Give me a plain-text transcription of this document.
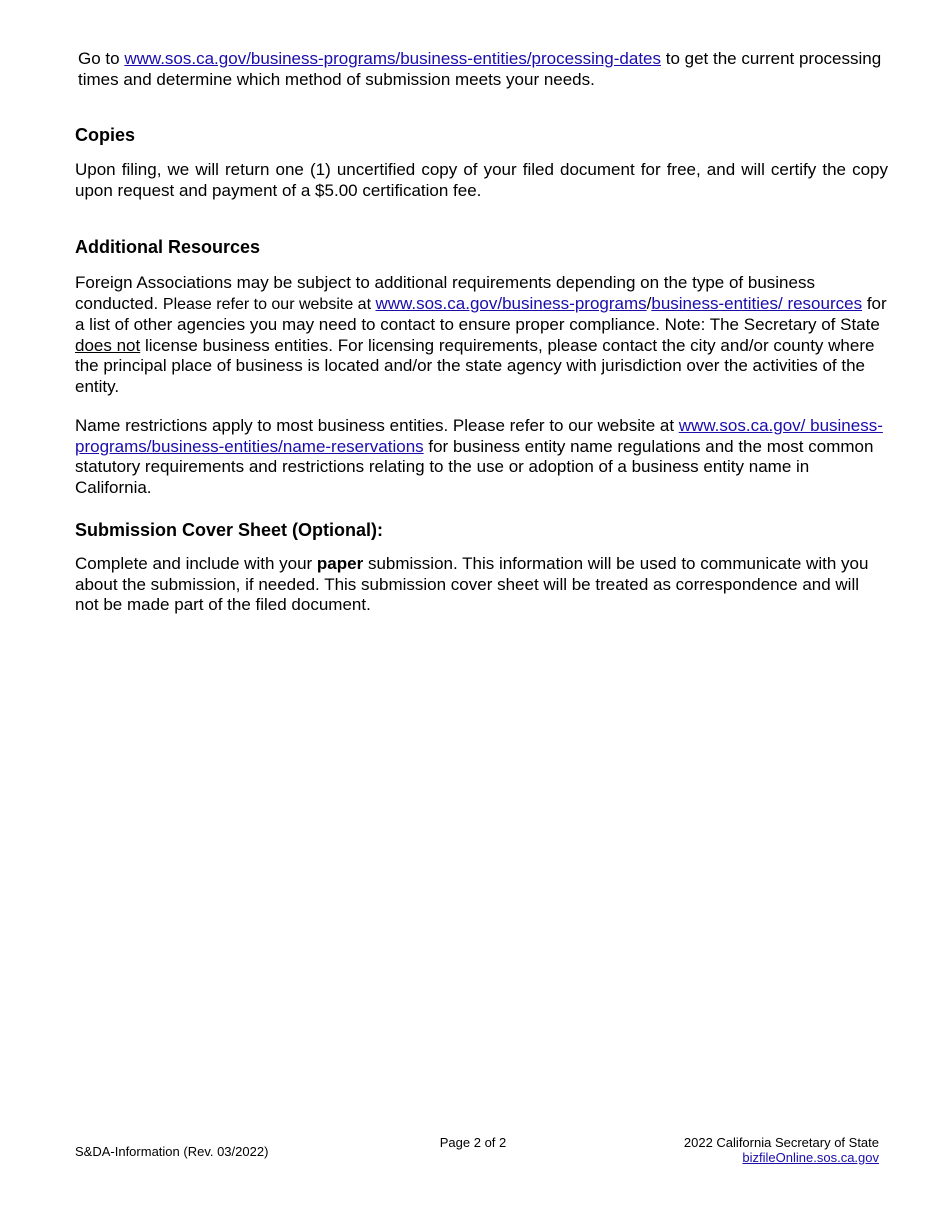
Go to www.sos.ca.gov/business-programs/business-entities/processing-dates to get the current processing times and determine which method of submission meets your needs.

Copies

Upon filing, we will return one (1) uncertified copy of your filed document for free, and will certify the copy upon request and payment of a $5.00 certification fee.

Additional Resources

Foreign Associations may be subject to additional requirements depending on the type of business conducted. Please refer to our website at www.sos.ca.gov/business-programs/business-entities/ resources for a list of other agencies you may need to contact to ensure proper compliance. Note: The Secretary of State does not license business entities. For licensing requirements, please contact the city and/or county where the principal place of business is located and/or the state agency with jurisdiction over the activities of the entity.

Name restrictions apply to most business entities. Please refer to our website at www.sos.ca.gov/ business-programs/business-entities/name-reservations for business entity name regulations and the most common statutory requirements and restrictions relating to the use or adoption of a business entity name in California.

Submission Cover Sheet (Optional):

Complete and include with your paper submission. This information will be used to communicate with you about the submission, if needed. This submission cover sheet will be treated as correspondence and will not be made part of the filed document.

S&DA-Information (Rev. 03/2022)
Page 2 of 2	2022 California Secretary of State
bizfileOnline.sos.ca.gov
